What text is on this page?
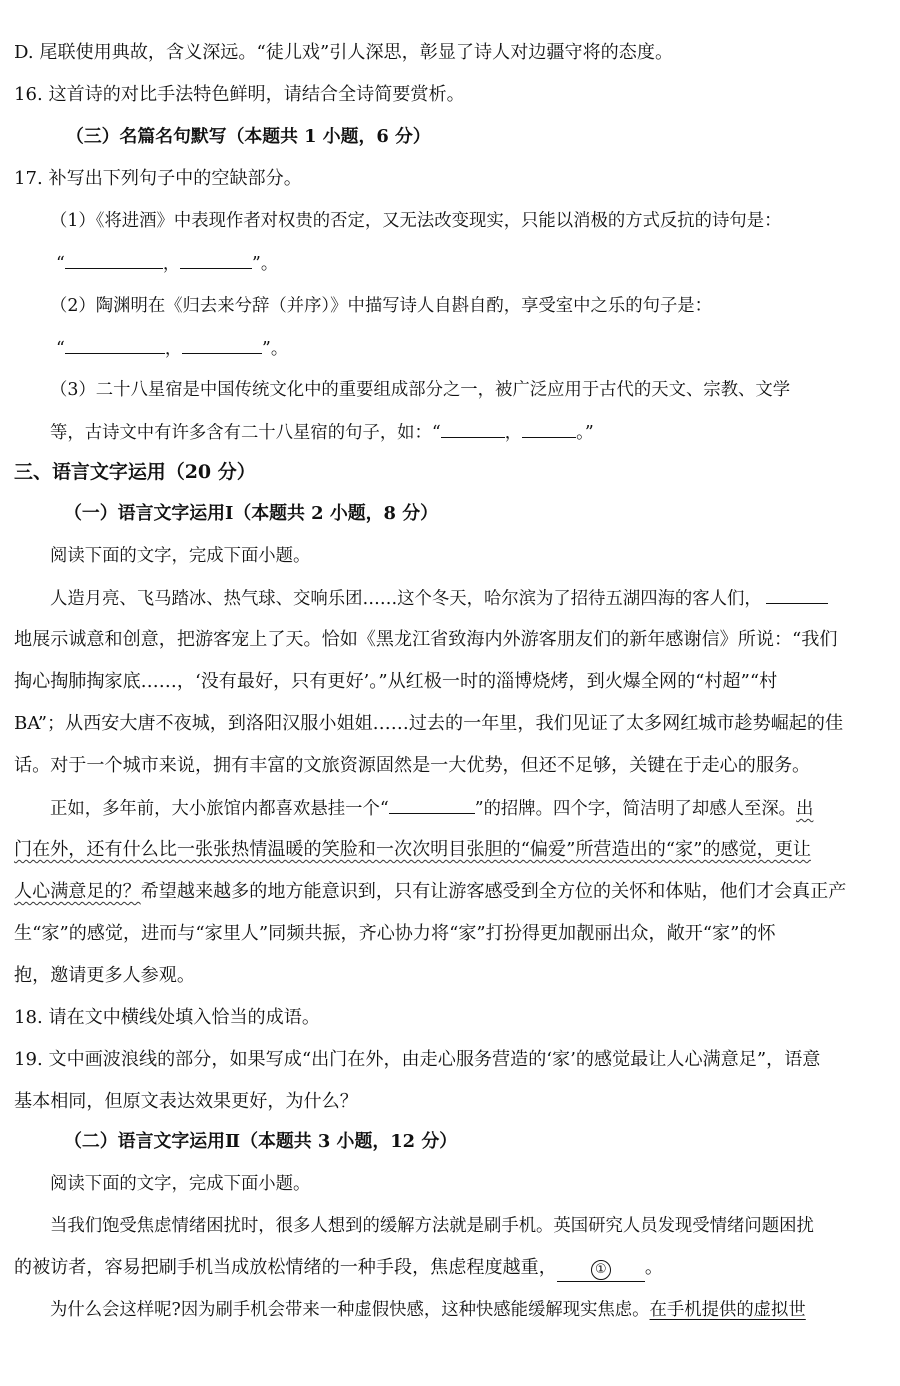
D. 尾联使用典故，含义深远。“徒儿戏”引人深思，彰显了诗人对边疆守将的态度。
16. 这首诗的对比手法特色鲜明，请结合全诗简要赏析。
（三）名篇名句默写（本题共 1 小题，6 分）
17. 补写出下列句子中的空缺部分。
（1）《将进酒》中表现作者对权贵的否定，又无法改变现实，只能以消极的方式反抗的诗句是：
“	，	”。
（2）陶渊明在《归去来兮辞（并序）》中描写诗人自斟自酌，享受室中之乐的句子是：
“	，	”。
（3）二十八星宿是中国传统文化中的重要组成部分之一，被广泛应用于古代的天文、宗教、文学
等，古诗文中有许多含有二十八星宿的句子，如：“	，	。”
三、语言文字运用（20 分）
（一）语言文字运用Ⅰ（本题共 2 小题，8 分）
阅读下面的文字，完成下面小题。
人造月亮、飞马踏冰、热气球、交响乐团……这个冬天，哈尔滨为了招待五湖四海的客人们，
地展示诚意和创意，把游客宠上了天。恰如《黑龙江省致海内外游客朋友们的新年感谢信》所说：“我们
掏心掏肺掏家底……，‘没有最好，只有更好’。”从红极一时的淄博烧烤，到火爆全网的“村超”“村
BA”；从西安大唐不夜城，到洛阳汉服小姐姐……过去的一年里，我们见证了太多网红城市趁势崛起的佳
话。对于一个城市来说，拥有丰富的文旅资源固然是一大优势，但还不足够，关键在于走心的服务。
正如，多年前，大小旅馆内都喜欢悬挂一个“	”的招牌。四个字，简洁明了却感人至深。出
门在外，还有什么比一张张热情温暖的笑脸和一次次明目张胆的“偏爱”所营造出的“家”的感觉，更让
人心满意足的？希望越来越多的地方能意识到，只有让游客感受到全方位的关怀和体贴，他们才会真正产
生“家”的感觉，进而与“家里人”同频共振，齐心协力将“家”打扮得更加靓丽出众，敞开“家”的怀
抱，邀请更多人参观。
18. 请在文中横线处填入恰当的成语。
19. 文中画波浪线的部分，如果写成“出门在外，由走心服务营造的‘家’的感觉最让人心满意足”，语意
基本相同，但原文表达效果更好，为什么？
（二）语言文字运用Ⅱ（本题共 3 小题，12 分）
阅读下面的文字，完成下面小题。
当我们饱受焦虑情绪困扰时，很多人想到的缓解方法就是刷手机。英国研究人员发现受情绪问题困扰
的被访者，容易把刷手机当成放松情绪的一种手段，焦虑程度越重，	① 。
为什么会这样呢?因为刷手机会带来一种虚假快感，这种快感能缓解现实焦虑。在手机提供的虚拟世
